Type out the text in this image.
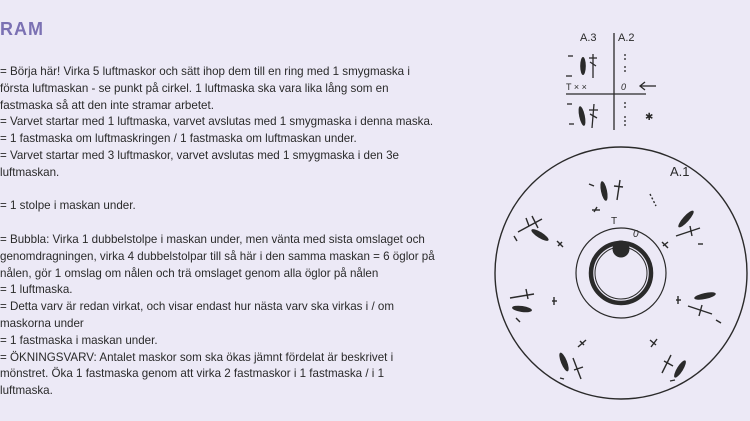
RAM

= Börja här! Virka 5 luftmaskor och sätt ihop dem till en ring med 1 smygmaska i

första luftmaskan - se punkt på cirkel. 1 luftmaska ska vara lika lång som en

fastmaska så att den inte stramar arbetet.

= Varvet startar med 1 luftmaska, varvet avslutas med 1 smygmaska i denna maska.

= 1 fastmaska om luftmaskringen / 1 fastmaska om luftmaskan under.

= Varvet startar med 3 luftmaskor, varvet avslutas med 1 smygmaska i den 3e

luftmaskan.

= 1 stolpe i maskan under.

= Bubbla: Virka 1 dubbelstolpe i maskan under, men vänta med sista omslaget och

genomdragningen, virka 4 dubbelstolpar till så här i den samma maskan = 6 öglor på

nålen, gör 1 omslag om nålen och trä omslaget genom alla öglor på nålen

= 1 luftmaska.

= Detta varv är redan virkat, och visar endast hur nästa varv ska virkas i / om

maskorna under

= 1 fastmaska i maskan under.

= ÖKNINGSVARV: Antalet maskor som ska ökas jämnt fördelat är beskrivet i

mönstret. Öka 1 fastmaska genom att virka 2 fastmaskor i 1 fastmaska / i 1

luftmaska.

A.3 A.2
T × ×	0
✱
A.1
T
0
